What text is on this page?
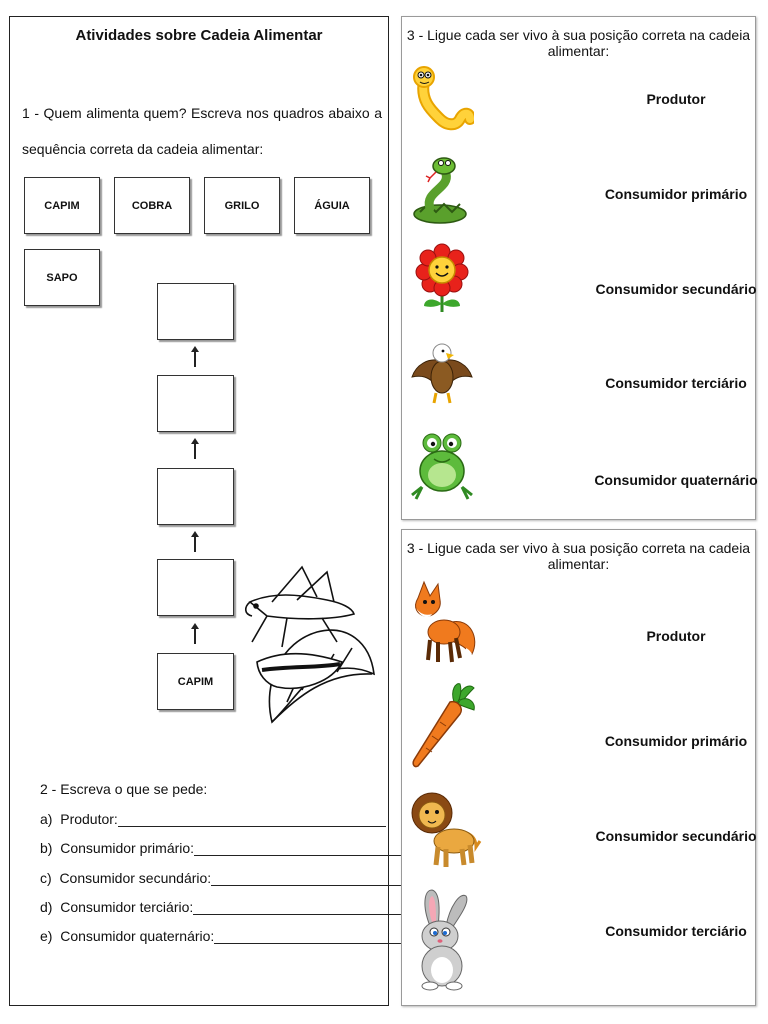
Atividades sobre Cadeia Alimentar
1 - Quem alimenta quem? Escreva nos quadros abaixo a sequência correta da cadeia alimentar:
CAPIM	COBRA	GRILO	ÁGUIA
SAPO
CAPIM
2 - Escreva o que se pede:
a)  Produtor:
b)  Consumidor primário:
c)  Consumidor secundário:
d)  Consumidor terciário:
e)  Consumidor quaternário:
3 - Ligue cada ser vivo à sua posição correta na cadeia alimentar:
Produtor
Consumidor primário
Consumidor secundário
Consumidor terciário
Consumidor quaternário
3 - Ligue cada ser vivo à sua posição correta na cadeia alimentar:
Produtor
Consumidor primário
Consumidor secundário
Consumidor terciário
